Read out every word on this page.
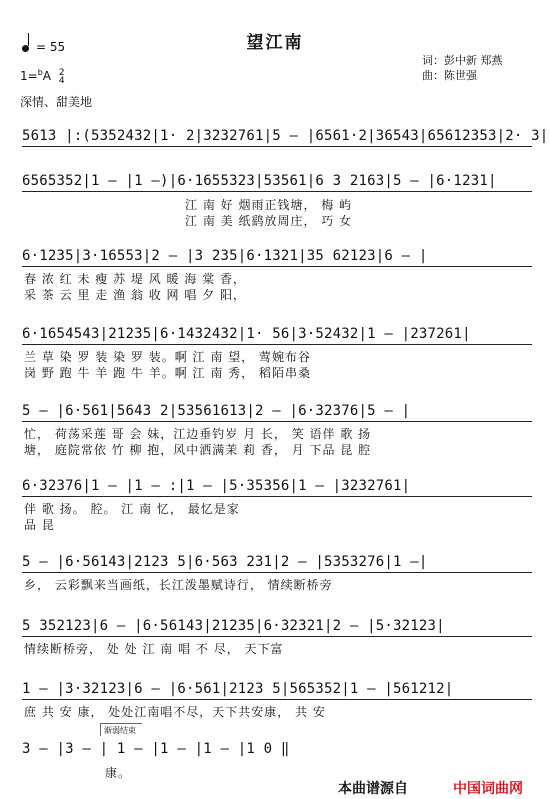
望江南
= 55
1=$^b$A 2
4
深情、甜美地
词：彭中新 郑燕
曲：陈世强
5613 |:(5352432|1· 2|3232761|5 — |6561·2|36543|65612353|2· 3|
6565352|1 — |1 —)|6·1655323|53561|6 3 2163|5 — |6·1231|
6·1235|3·16553|2 — |3 235|6·1321|35 62123|6 — |
6·1654543|21235|6·1432432|1· 56|3·52432|1 — |237261|
5 — |6·561|5643 2|53561613|2 — |6·32376|5 — |
6·32376|1 — |1 — :|1 — |5·35356|1 — |3232761|
5 — |6·56143|2123 5|6·563 231|2 — |5353276|1 —|
5 352123|6 — |6·56143|21235|6·32321|2 — |5·32123|
1 — |3·32123|6 — |6·561|2123 5|565352|1 — |561212|
3 — |3 — | 1 — |1 — |1 — |1 0 ‖
江 南 好 烟雨正钱塘， 梅 屿
江 南 美 纸鹞放周庄， 巧 女
春 浓 红 未 瘦 苏 堤 风 暖 海 棠 香，
采 茶 云 里 走 渔 翁 收 网 唱 夕 阳，
兰 草 染 罗 装 染 罗 装。啊 江 南 望， 莺婉布谷
岗 野 跑 牛 羊 跑 牛 羊。啊 江 南 秀， 稻陌串桑
忙， 荷荡采莲 哥 会 妹，江边垂钓岁 月 长， 笑 语伴 歌 扬
塘， 庭院常依 竹 柳 抱，风中洒满茉 莉 香， 月 下品 昆 腔
伴 歌 扬。 腔。 江 南 忆， 最忆是家
品 昆
乡， 云彩飘来当画纸，长江泼墨赋诗行， 情续断桥旁
情续断桥旁， 处 处 江 南 唱 不 尽， 天下富
庶 共 安 康， 处处江南唱不尽，天下共安康， 共 安
康。
渐弱结束
本曲谱源自	中国词曲网
